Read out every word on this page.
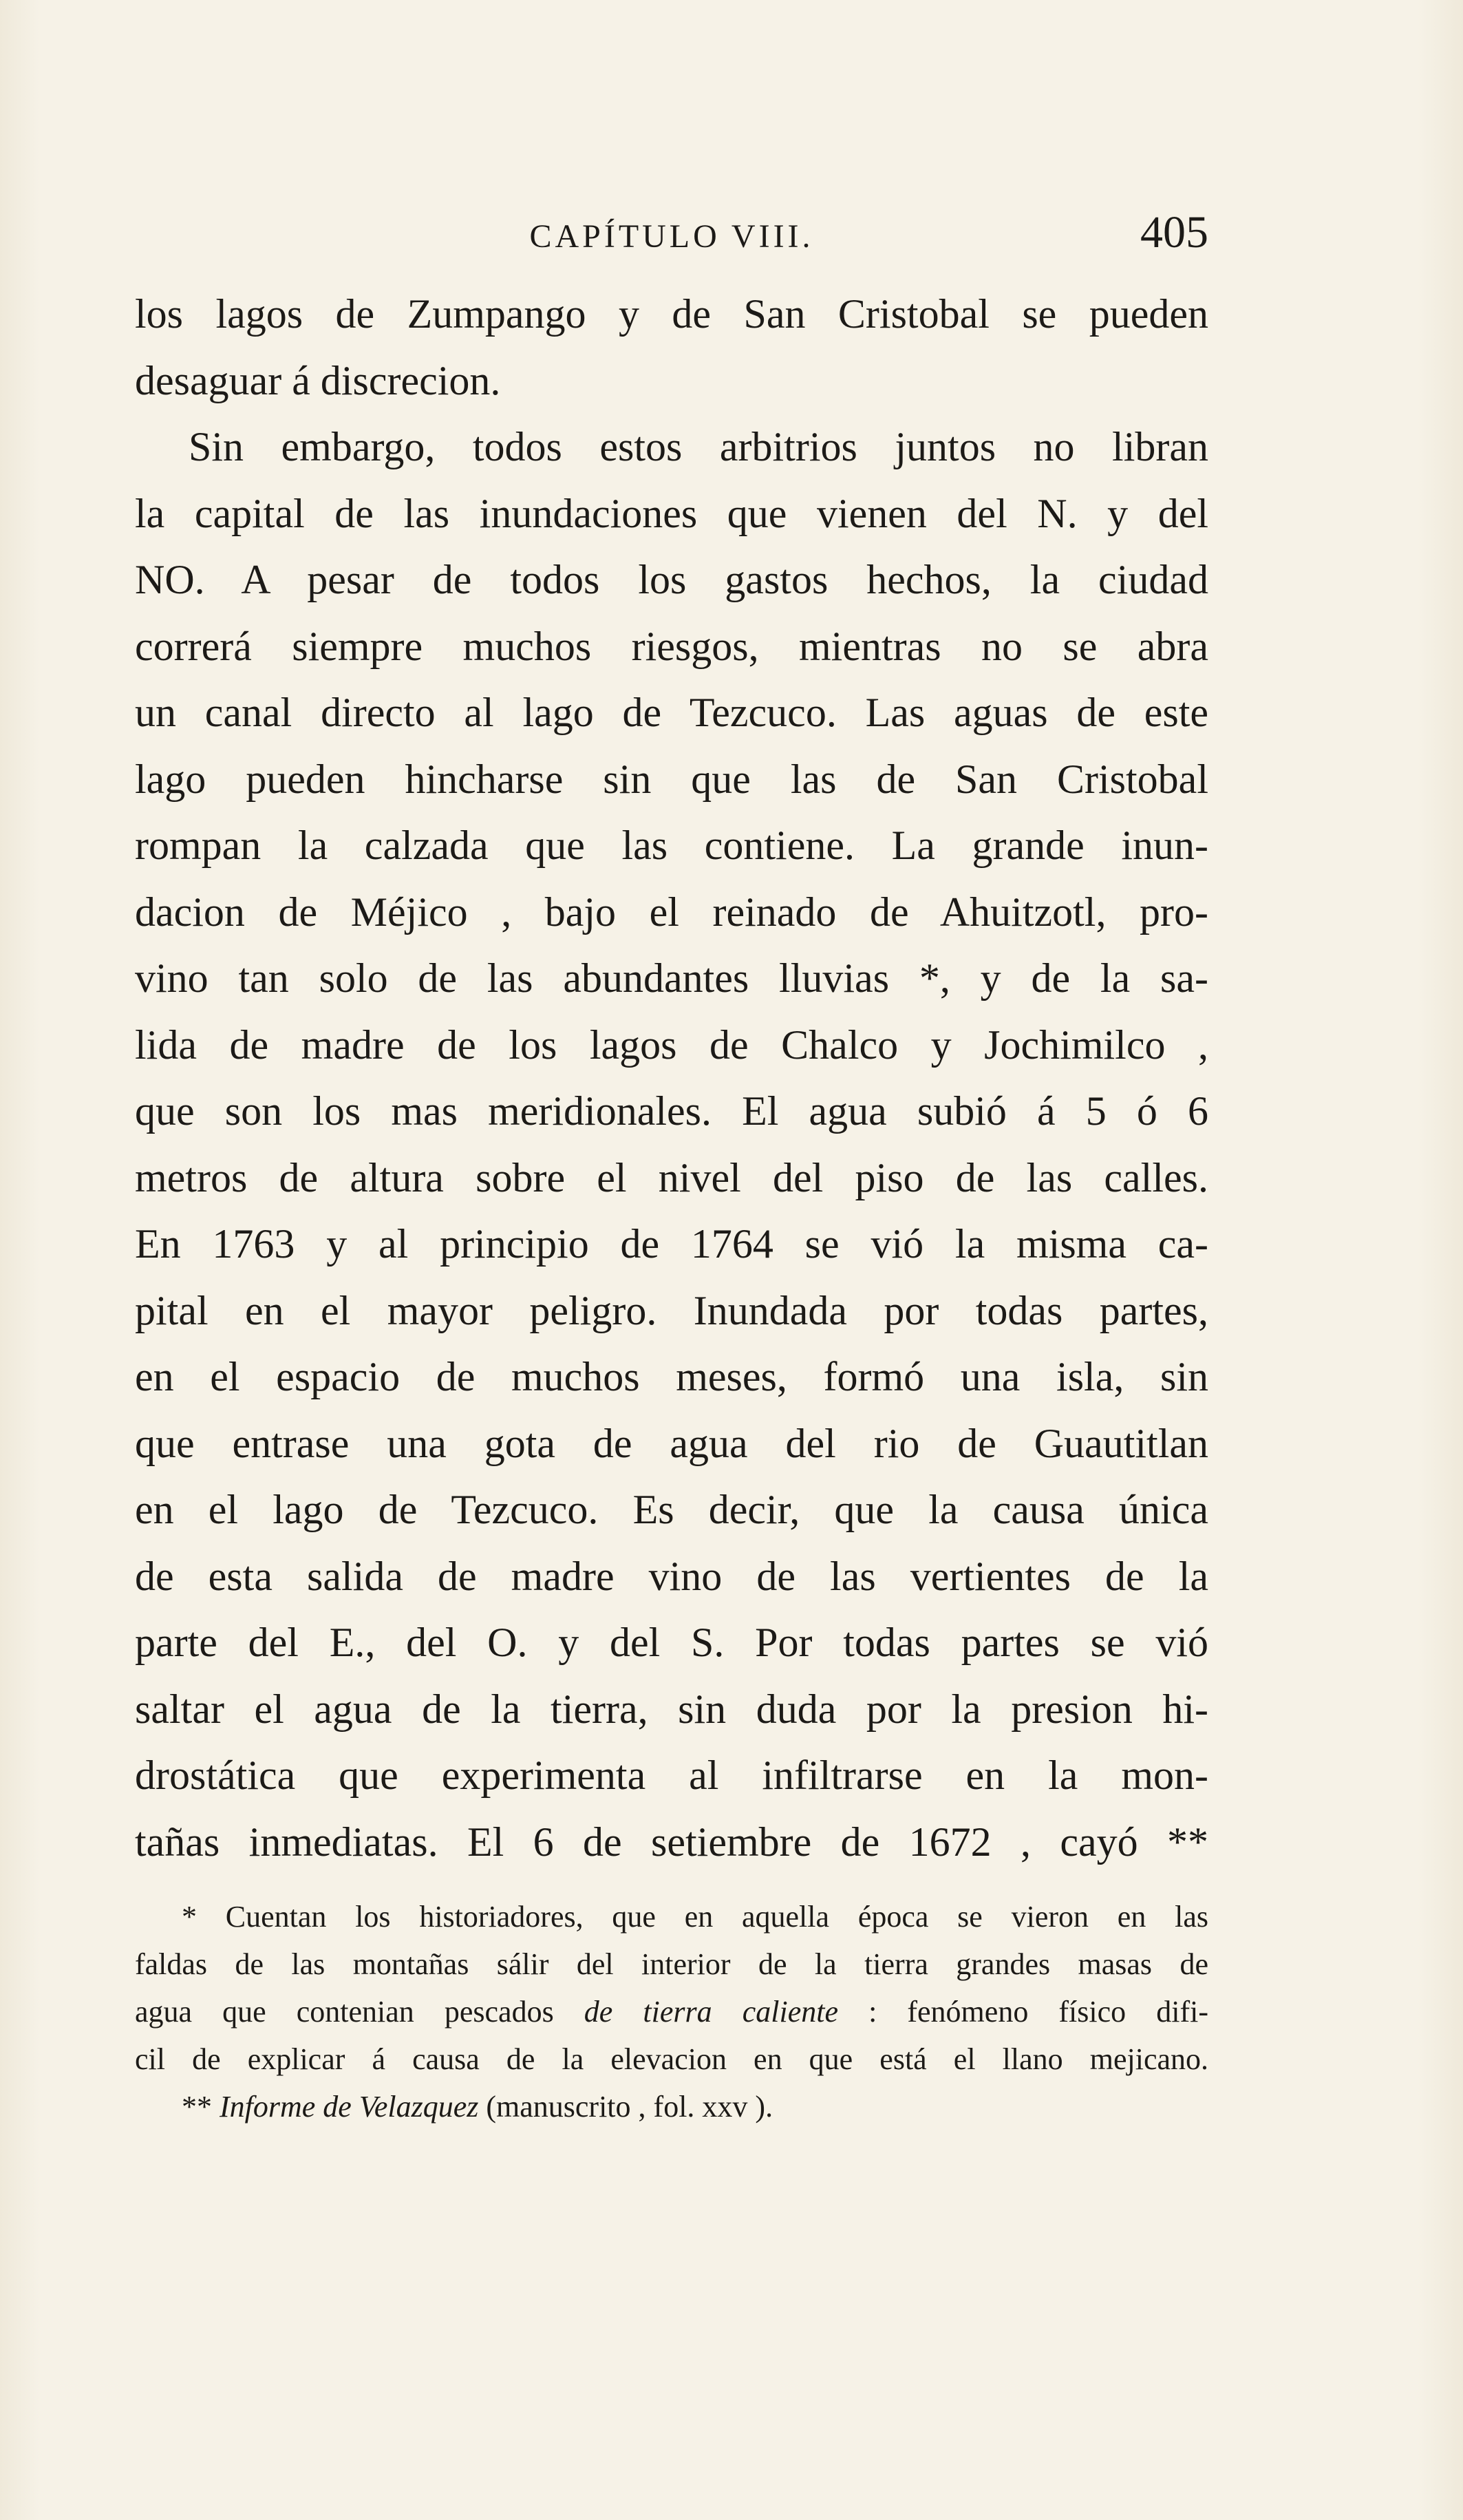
CAPÍTULO VIII.	405
los lagos de Zumpango y de San Cristobal se pueden
desaguar á discrecion.
Sin embargo, todos estos arbitrios juntos no libran
la capital de las inundaciones que vienen del N. y del
NO. A pesar de todos los gastos hechos, la ciudad
correrá siempre muchos riesgos, mientras no se abra
un canal directo al lago de Tezcuco. Las aguas de este
lago pueden hincharse sin que las de San Cristobal
rompan la calzada que las contiene. La grande inun-
dacion de Méjico , bajo el reinado de Ahuitzotl, pro-
vino tan solo de las abundantes lluvias *, y de la sa-
lida de madre de los lagos de Chalco y Jochimilco ,
que son los mas meridionales. El agua subió á 5 ó 6
metros de altura sobre el nivel del piso de las calles.
En 1763 y al principio de 1764 se vió la misma ca-
pital en el mayor peligro. Inundada por todas partes,
en el espacio de muchos meses, formó una isla, sin
que entrase una gota de agua del rio de Guautitlan
en el lago de Tezcuco. Es decir, que la causa única
de esta salida de madre vino de las vertientes de la
parte del E., del O. y del S. Por todas partes se vió
saltar el agua de la tierra, sin duda por la presion hi-
drostática que experimenta al infiltrarse en la mon-
tañas inmediatas. El 6 de setiembre de 1672 , cayó **
* Cuentan los historiadores, que en aquella época se vieron en las
faldas de las montañas sálir del interior de la tierra grandes masas de
agua que contenian pescados de tierra caliente : fenómeno físico difi-
cil de explicar á causa de la elevacion en que está el llano mejicano.
** Informe de Velazquez (manuscrito , fol. xxv ).
